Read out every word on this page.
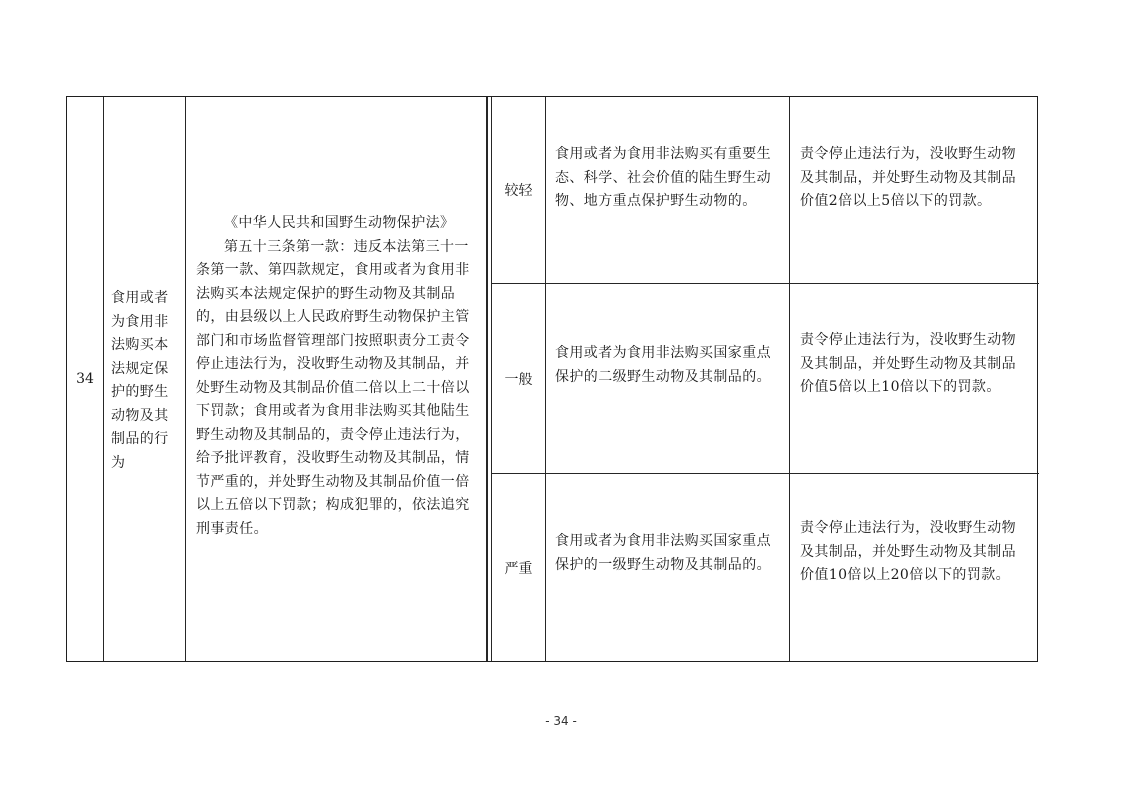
34
食用或者为食用非法购买本法规定保护的野生动物及其制品的行为

《中华人民共和国野生动物保护法》

第五十三条第一款：违反本法第三十一条第一款、第四款规定，食用或者为食用非法购买本法规定保护的野生动物及其制品的，由县级以上人民政府野生动物保护主管部门和市场监督管理部门按照职责分工责令停止违法行为，没收野生动物及其制品，并处野生动物及其制品价值二倍以上二十倍以下罚款；食用或者为食用非法购买其他陆生野生动物及其制品的，责令停止违法行为，给予批评教育，没收野生动物及其制品，情节严重的，并处野生动物及其制品价值一倍以上五倍以下罚款；构成犯罪的，依法追究刑事责任。

较轻
食用或者为食用非法购买有重要生态、科学、社会价值的陆生野生动物、地方重点保护野生动物的。
责令停止违法行为，没收野生动物及其制品，并处野生动物及其制品价值2倍以上5倍以下的罚款。
一般
食用或者为食用非法购买国家重点保护的二级野生动物及其制品的。
责令停止违法行为，没收野生动物及其制品，并处野生动物及其制品价值5倍以上10倍以下的罚款。
严重
食用或者为食用非法购买国家重点保护的一级野生动物及其制品的。
责令停止违法行为，没收野生动物及其制品，并处野生动物及其制品价值10倍以上20倍以下的罚款。
- 34 -
